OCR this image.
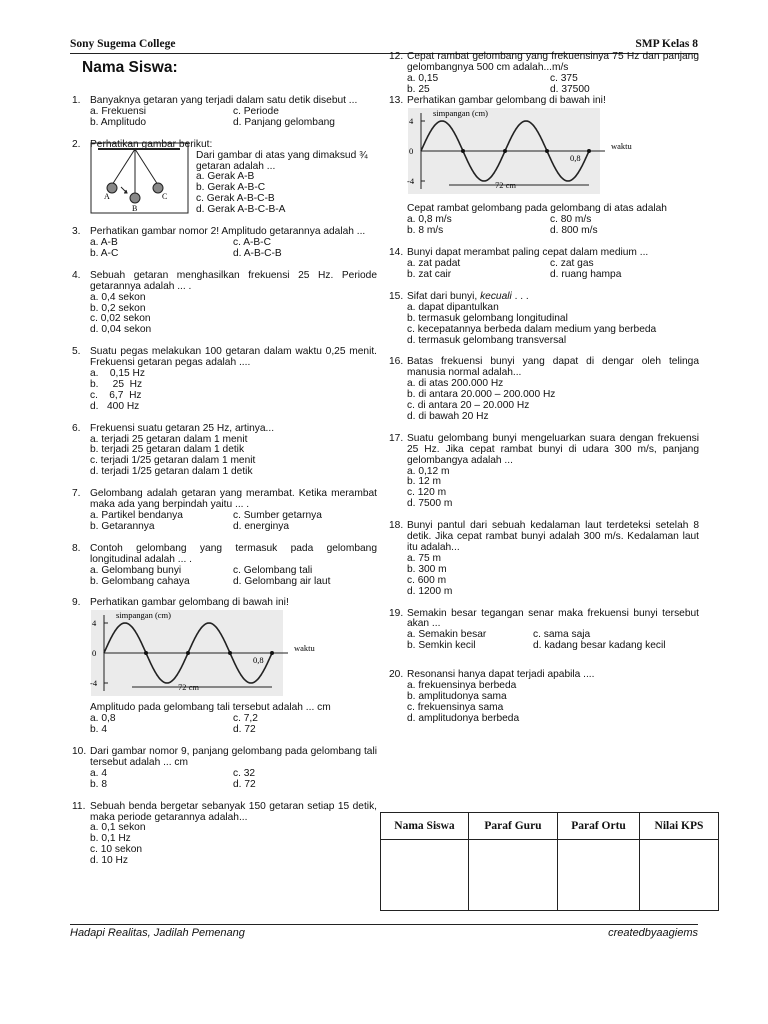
Sony Sugema College	SMP Kelas 8
Nama Siswa:
1. Banyaknya getaran yang terjadi dalam satu detik disebut ...
a. Frekuensi	c. Periode
b. Amplitudo	d. Panjang gelombang
2. Perhatikan gambar berikut:
A
B
C
Dari gambar di atas yang dimaksud ¾ getaran adalah ...
a. Gerak A-B
b. Gerak A-B-C
c. Gerak A-B-C-B
d. Gerak A-B-C-B-A
3. Perhatikan gambar nomor 2! Amplitudo getarannya adalah ...
a. A-B	c. A-B-C
b. A-C	d. A-B-C-B
4. Sebuah getaran menghasilkan frekuensi 25 Hz. Periode getarannya adalah ... .
a. 0,4 sekon
b. 0,2 sekon
c. 0,02 sekon
d. 0,04 sekon
5. Suatu pegas melakukan 100 getaran dalam waktu 0,25 menit. Frekuensi getaran pegas adalah ....
a.    0,15 Hz
b.     25  Hz
c.    6,7  Hz
d.   400 Hz
6. Frekuensi suatu getaran 25 Hz, artinya...
a. terjadi 25 getaran dalam 1 menit
b. terjadi 25 getaran dalam 1 detik
c. terjadi 1/25 getaran dalam 1 menit
d. terjadi 1/25 getaran dalam 1 detik
7. Gelombang adalah getaran yang merambat. Ketika merambat maka ada yang berpindah yaitu ... .
a. Partikel bendanya	c. Sumber getarnya
b. Getarannya	d. energinya
8. Contoh gelombang yang termasuk pada gelombang longitudinal adalah ... .
a. Gelombang bunyi	c. Gelombang tali
b. Gelombang cahaya	d. Gelombang air laut
9. Perhatikan gambar gelombang di bawah ini!
simpangan (cm)
4
-4
0
0,8
waktu
72 cm
Amplitudo pada gelombang tali tersebut adalah ... cm
a. 0,8	c. 7,2
b. 4	d. 72
10. Dari gambar nomor 9, panjang gelombang pada gelombang tali tersebut adalah ... cm
a. 4	c. 32
b. 8	d. 72
11. Sebuah benda bergetar sebanyak 150 getaran setiap 15 detik, maka periode getarannya adalah...
a. 0,1 sekon
b. 0,1 Hz
c. 10 sekon
d. 10 Hz
12. Cepat rambat gelombang yang frekuensinya 75 Hz dan panjang gelombangnya 500 cm adalah...m/s
a. 0,15	c. 375
b. 25	d. 37500
13. Perhatikan gambar gelombang di bawah ini!
simpangan (cm)
4
-4
0
0,8
waktu
72 cm
Cepat rambat gelombang pada gelombang di atas adalah
a. 0,8 m/s	c. 80 m/s
b. 8 m/s	d. 800 m/s
14. Bunyi dapat merambat paling cepat dalam medium ...
a. zat padat	c. zat gas
b. zat cair	d. ruang hampa
15. Sifat dari bunyi, kecuali . . .
a. dapat dipantulkan
b. termasuk gelombang longitudinal
c. kecepatannya berbeda dalam medium yang berbeda
d. termasuk gelombang transversal
16. Batas frekuensi bunyi yang dapat di dengar oleh telinga manusia normal adalah...
a. di atas 200.000 Hz
b. di antara 20.000 – 200.000 Hz
c. di antara 20 – 20.000 Hz
d. di bawah 20 Hz
17. Suatu gelombang bunyi mengeluarkan suara dengan frekuensi 25 Hz. Jika cepat rambat bunyi di udara 300 m/s, panjang gelombangya adalah ...
a. 0,12 m
b. 12 m
c. 120 m
d. 7500 m
18. Bunyi pantul dari sebuah kedalaman laut terdeteksi setelah 8 detik. Jika cepat rambat bunyi adalah 300 m/s. Kedalaman laut itu adalah...
a. 75 m
b. 300 m
c. 600 m
d. 1200 m
19. Semakin besar tegangan senar maka frekuensi bunyi tersebut akan ...
a. Semakin besar	c. sama saja
b. Semkin kecil	d. kadang besar kadang kecil
20. Resonansi hanya dapat terjadi apabila ....
a. frekuensinya berbeda
b. amplitudonya sama
c. frekuensinya sama
d. amplitudonya berbeda
Nama Siswa	Paraf Guru	Paraf Ortu	Nilai KPS

Hadapi Realitas, Jadilah Pemenang	createdbyaagiems
